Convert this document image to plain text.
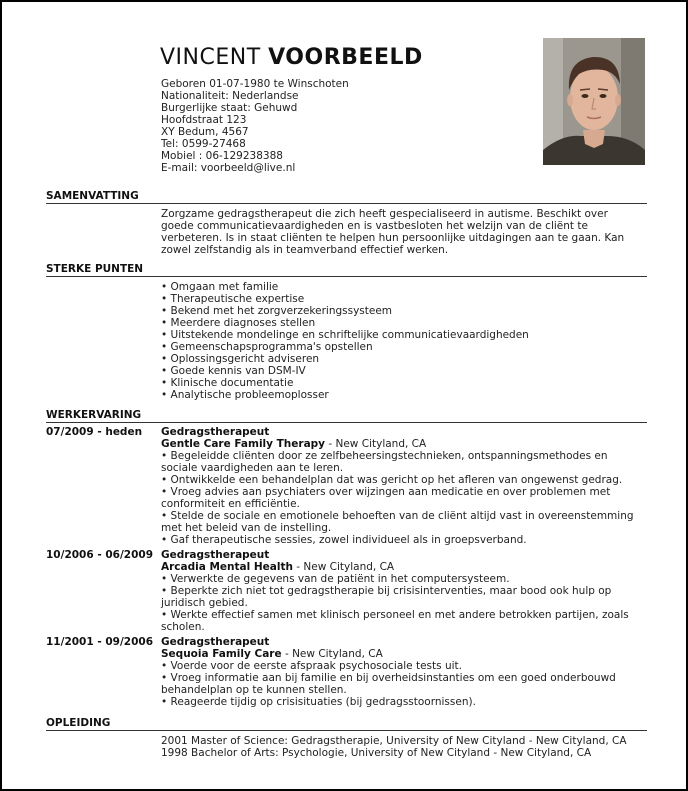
VINCENT VOORBEELD
Geboren 01-07-1980 te Winschoten
Nationaliteit: Nederlandse
Burgerlijke staat: Gehuwd
Hoofdstraat 123
XY Bedum, 4567
Tel: 0599-27468
Mobiel : 06-129238388
E-mail: voorbeeld@live.nl
SAMENVATTING
Zorgzame gedragstherapeut die zich heeft gespecialiseerd in autisme. Beschikt over
goede communicatievaardigheden en is vastbesloten het welzijn van de cliënt te
verbeteren. Is in staat cliënten te helpen hun persoonlijke uitdagingen aan te gaan. Kan
zowel zelfstandig als in teamverband effectief werken.
STERKE PUNTEN
• Omgaan met familie
• Therapeutische expertise
• Bekend met het zorgverzekeringssysteem
• Meerdere diagnoses stellen
• Uitstekende mondelinge en schriftelijke communicatievaardigheden
• Gemeenschapsprogramma's opstellen
• Oplossingsgericht adviseren
• Goede kennis van DSM-IV
• Klinische documentatie
• Analytische probleemoplosser
WERKERVARING
07/2009 - heden Gedragstherapeut
Gentle Care Family Therapy - New Cityland, CA
• Begeleidde cliënten door ze zelfbeheersingstechnieken, ontspanningsmethodes en
sociale vaardigheden aan te leren.
• Ontwikkelde een behandelplan dat was gericht op het afleren van ongewenst gedrag.
• Vroeg advies aan psychiaters over wijzingen aan medicatie en over problemen met
conformiteit en efficiëntie.
• Stelde de sociale en emotionele behoeften van de cliënt altijd vast in overeenstemming
met het beleid van de instelling.
• Gaf therapeutische sessies, zowel individueel als in groepsverband.
10/2006 - 06/2009 Gedragstherapeut
Arcadia Mental Health - New Cityland, CA
• Verwerkte de gegevens van de patiënt in het computersysteem.
• Beperkte zich niet tot gedragstherapie bij crisisinterventies, maar bood ook hulp op
juridisch gebied.
• Werkte effectief samen met klinisch personeel en met andere betrokken partijen, zoals
scholen.
11/2001 - 09/2006 Gedragstherapeut
Sequoia Family Care - New Cityland, CA
• Voerde voor de eerste afspraak psychosociale tests uit.
• Vroeg informatie aan bij familie en bij overheidsinstanties om een goed onderbouwd
behandelplan op te kunnen stellen.
• Reageerde tijdig op crisisituaties (bij gedragsstoornissen).
OPLEIDING
2001 Master of Science: Gedragstherapie, University of New Cityland - New Cityland, CA
1998 Bachelor of Arts: Psychologie, University of New Cityland - New Cityland, CA
